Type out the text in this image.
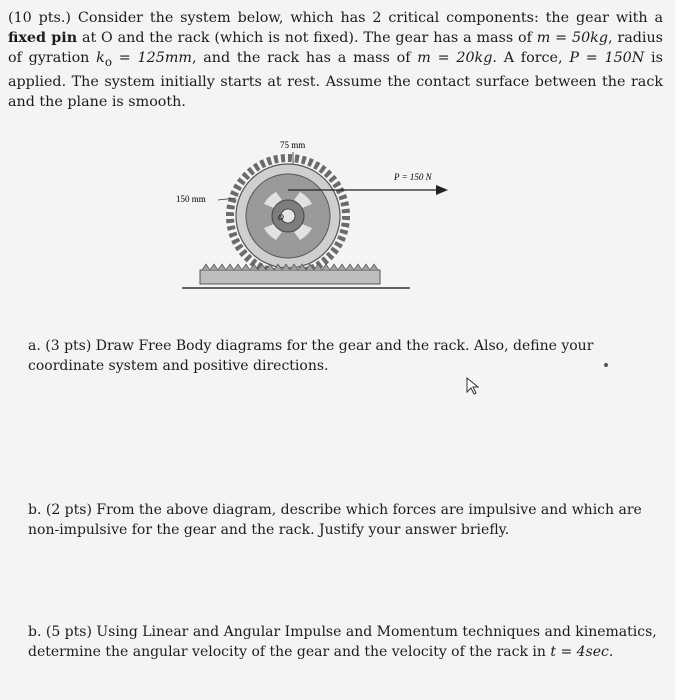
(10 pts.) Consider the system below, which has 2 critical components: the gear with a fixed pin at O and the rack (which is not fixed). The gear has a mass of m = 50kg, radius of gyration $k_o = 125mm$, and the rack has a mass of m = 20kg. A force, P = 150N is applied. The system initially starts at rest. Assume the contact surface between the rack and the plane is smooth.

75 mm
O
150 mm
P = 150 N

a. (3 pts) Draw Free Body diagrams for the gear and the rack. Also, define your coordinate system and positive directions.

b. (2 pts) From the above diagram, describe which forces are impulsive and which are non-impulsive for the gear and the rack. Justify your answer briefly.

b. (5 pts) Using Linear and Angular Impulse and Momentum techniques and kinematics, determine the angular velocity of the gear and the velocity of the rack in t = 4sec.
